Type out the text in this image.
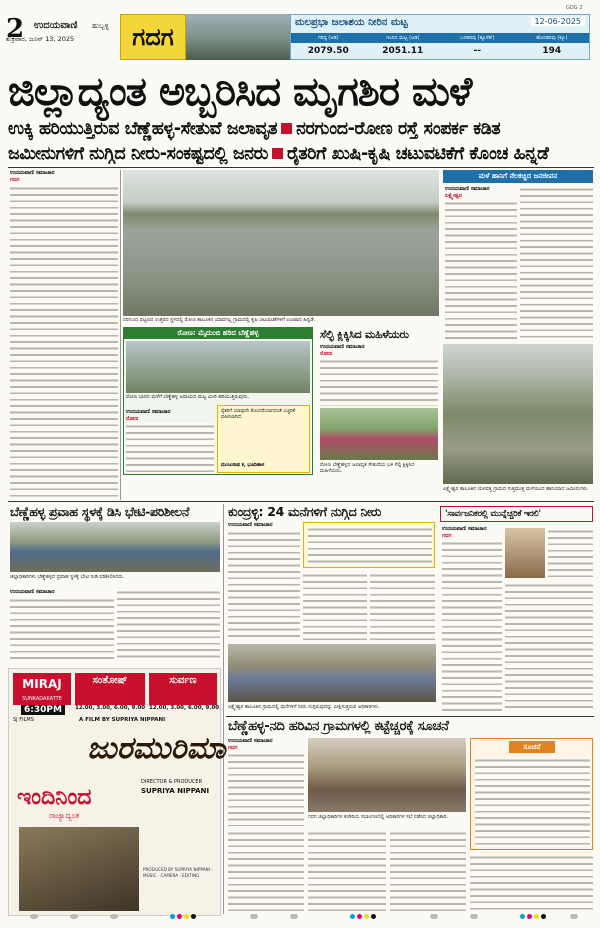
GDG 2
2 ಉದಯವಾಣಿ ಹುಬ್ಬಳ್ಳಿ
ಶುಕ್ರವಾರ, ಜೂನ್ 13, 2025	ಗದಗ
ಮಲಪ್ರಭಾ ಜಲಾಶಯ ನೀರಿನ ಮಟ್ಟ	12-06-2025
ಗರಿಷ್ಠ (ಅಡಿ)	ಇಂದಿನ ಮಟ್ಟ (ಅಡಿ)	ಒಳಹರಿವು (ಕ್ಯೂಸೆಕ್)	ಹೊರಹರಿವು (ಕ್ಯೂ)
2079.50	2051.11	--	194
ಜಿಲ್ಲಾದ್ಯಂತ ಅಬ್ಬರಿಸಿದ ಮೃಗಶಿರ ಮಳೆ
ಉಕ್ಕಿ ಹರಿಯುತ್ತಿರುವ ಬೆಣ್ಣೆಹಳ್ಳ-ಸೇತುವೆ ಜಲಾವೃತ ನರಗುಂದ-ರೋಣ ರಸ್ತೆ ಸಂಪರ್ಕ ಕಡಿತ
ಜಮೀನುಗಳಿಗೆ ನುಗ್ಗಿದ ನೀರು-ಸಂಕಷ್ಟದಲ್ಲಿ ಜನರು ರೈತರಿಗೆ ಖುಷಿ-ಕೃಷಿ ಚಟುವಟಿಕೆಗೆ ಕೊಂಚ ಹಿನ್ನಡೆ
ಉದಯವಾಣಿ ಸಮಾಚಾರ
ಗದಗ
ನರಗುಂದ ಪಟ್ಟಣದ ಉತ್ತರದ ಸ್ಥಳದಲ್ಲಿ ರೋಣ ತಾಲೂಕಿನ ಯಾವಗಲ್ಲ ಗ್ರಾಮದಲ್ಲಿ ಕೃಷಿ ಚಟುವಟಿಕೆಗಳಿಗೆ ಉಂಟಾದ ಹಿನ್ನಡೆ.
ಮಳೆ ಹಾನಿಗೆ ನೆಲಕಚ್ಚಿದ ಜನಜೀವನ
ಉದಯವಾಣಿ ಸಮಾಚಾರ
ಲಕ್ಷ್ಮೇಶ್ವರ
ರೋಣ: ಮೈದುಂಬಿ ಹರಿದ ಬೆಣ್ಣೆಹಳ್ಳ
ರೋಣ ಭಾಗದ ಮಳೆಗೆ ಬೆಣ್ಣೆಹಳ್ಳ ಅಪಾಯದ ಮಟ್ಟ ಮೀರಿ ಹರಿಯುತ್ತಿರುವುದು.
ಉದಯವಾಣಿ ಸಮಾಚಾರ
ರೋಣ
ರೈತರಿಗೆ ಯಾವುದೇ ತೊಂದರೆಯಾಗದಂತೆ ಎಚ್ಚರಿಕೆ ವಹಿಸಲಾಗಿದೆ.
ಮಂಜುನಾಥ ಕ, ಭೂದಿಹಾಳ
ಸೆಲ್ಫಿ ಕ್ಲಿಕ್ಕಿಸಿದ ಮಹಿಳೆಯರು
ಉದಯವಾಣಿ ಸಮಾಚಾರ
ರೋಣ
ರೋಣ ಬೆಣ್ಣೆಹಳ್ಳದ ಜಲಾವೃತ ಸೇತುವೆಯ ಬಳಿ ಸೆಲ್ಫಿ ಕ್ಲಿಕ್ಕಿಸಿದ ಮಹಿಳೆಯರು.
ಲಕ್ಷ್ಮೇಶ್ವರ ತಾಲೂಕಿನ ಯಳವತ್ತಿ ಗ್ರಾಮದ ಸುತ್ತಮುತ್ತ ಮಳೆಯಿಂದ ಹಾನಿಯಾದ ಜಮೀನುಗಳು.
ಬೆಣ್ಣೆಹಳ್ಳ ಪ್ರವಾಹ ಸ್ಥಳಕ್ಕೆ ಡಿಸಿ ಭೇಟಿ-ಪರಿಶೀಲನೆ
ಜಿಲ್ಲಾಧಿಕಾರಿಗಳು ಬೆಣ್ಣೆಹಳ್ಳದ ಪ್ರವಾಹ ಸ್ಥಳಕ್ಕೆ ಭೇಟಿ ನೀಡಿ ಪರಿಶೀಲಿಸಿದರು.
ಉದಯವಾಣಿ ಸಮಾಚಾರ
ಕುಂದ್ರಳ್ಳಿ: 24 ಮನೆಗಳಿಗೆ ನುಗ್ಗಿದ ನೀರು
ಉದಯವಾಣಿ ಸಮಾಚಾರ
ಲಕ್ಷ್ಮೇಶ್ವರ ತಾಲೂಕಿನ ಗ್ರಾಮದಲ್ಲಿ ಮನೆಗಳಿಗೆ ನೀರು ನುಗ್ಗಿರುವುದನ್ನು ವೀಕ್ಷಿಸುತ್ತಿರುವ ಅಧಿಕಾರಿಗಳು.
'ಸಾರ್ವಜನಿಕರಲ್ಲಿ ಮುನ್ನೆಚ್ಚರಿಕೆ ಇರಲಿ'
ಉದಯವಾಣಿ ಸಮಾಚಾರ
ಗದಗ
ಬೆಣ್ಣೆಹಳ್ಳ-ನದಿ ಹರಿವಿನ ಗ್ರಾಮಗಳಲ್ಲಿ ಕಟ್ಟೆಚ್ಚರಕ್ಕೆ ಸೂಚನೆ
ಉದಯವಾಣಿ ಸಮಾಚಾರ
ಗದಗ
ಗದಗ ಜಿಲ್ಲಾಧಿಕಾರಿಗಳ ಕಚೇರಿಯ ಸಭಾಂಗಣದಲ್ಲಿ ಅಧಿಕಾರಿಗಳ ಸಭೆ ನಡೆಸಿದ ಜಿಲ್ಲಾಧಿಕಾರಿ.
ಸೂಚನೆ
MIRAJ
SUNKADAKATTE
ಸಂತೋಷ್	ಸುರ್ವಣ
6:30PM	12.00, 3.00, 6.00, 9.00 12.00, 3.00, 6.00, 9.00
SJ FILMS	A FILM BY SUPRIYA NIPPANI
ಜುರಮುರಿಮಾ
DIRECTOR & PRODUCER
SUPRIYA NIPPANI
ಇಂದಿನಿಂದ
ರಾಜ್ಯಾದ್ಯಂತ
PRODUCED BY SUPRIYA NIPPANI · MUSIC · CAMERA · EDITING
